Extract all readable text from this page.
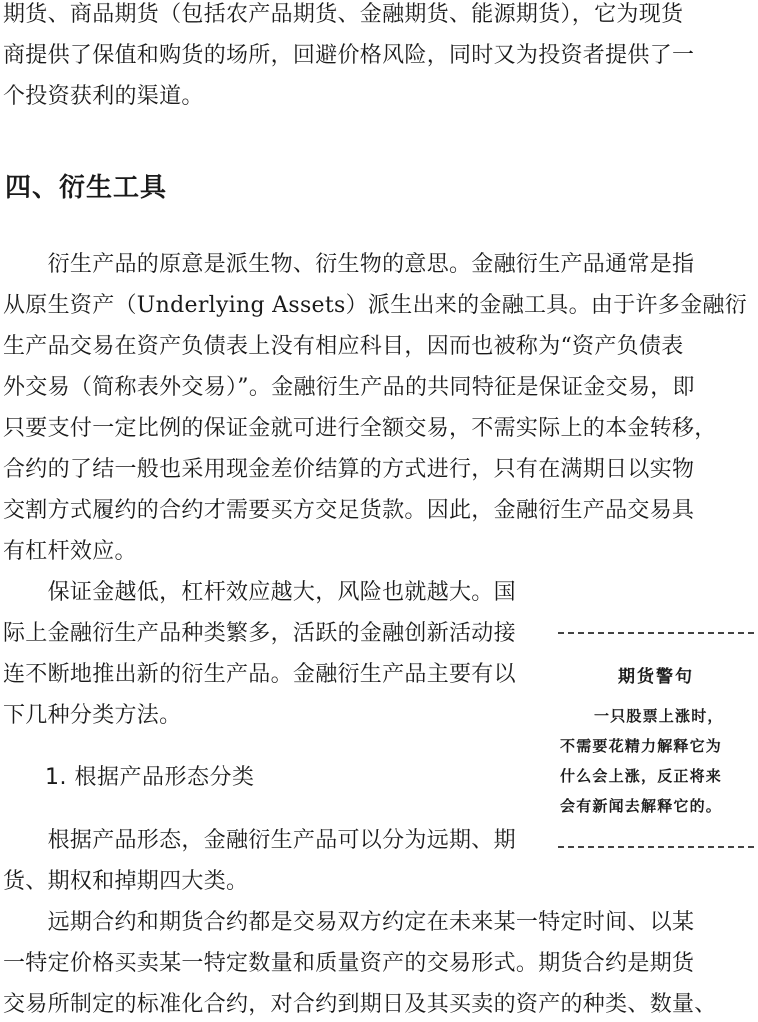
期货、商品期货（包括农产品期货、金融期货、能源期货），它为现货
商提供了保值和购货的场所，回避价格风险，同时又为投资者提供了一
个投资获利的渠道。
四、衍生工具
　　衍生产品的原意是派生物、衍生物的意思。金融衍生产品通常是指
从原生资产（Underlying Assets）派生出来的金融工具。由于许多金融衍
生产品交易在资产负债表上没有相应科目，因而也被称为“资产负债表
外交易（简称表外交易）”。金融衍生产品的共同特征是保证金交易，即
只要支付一定比例的保证金就可进行全额交易，不需实际上的本金转移，
合约的了结一般也采用现金差价结算的方式进行，只有在满期日以实物
交割方式履约的合约才需要买方交足货款。因此，金融衍生产品交易具
有杠杆效应。
　　保证金越低，杠杆效应越大，风险也就越大。国
际上金融衍生产品种类繁多，活跃的金融创新活动接
连不断地推出新的衍生产品。金融衍生产品主要有以
下几种分类方法。
1. 根据产品形态分类
　　根据产品形态，金融衍生产品可以分为远期、期
货、期权和掉期四大类。
　　远期合约和期货合约都是交易双方约定在未来某一特定时间、以某
一特定价格买卖某一特定数量和质量资产的交易形式。期货合约是期货
交易所制定的标准化合约，对合约到期日及其买卖的资产的种类、数量、
期货警句
一只股票上涨时，
不需要花精力解释它为
什么会上涨，反正将来
会有新闻去解释它的。
